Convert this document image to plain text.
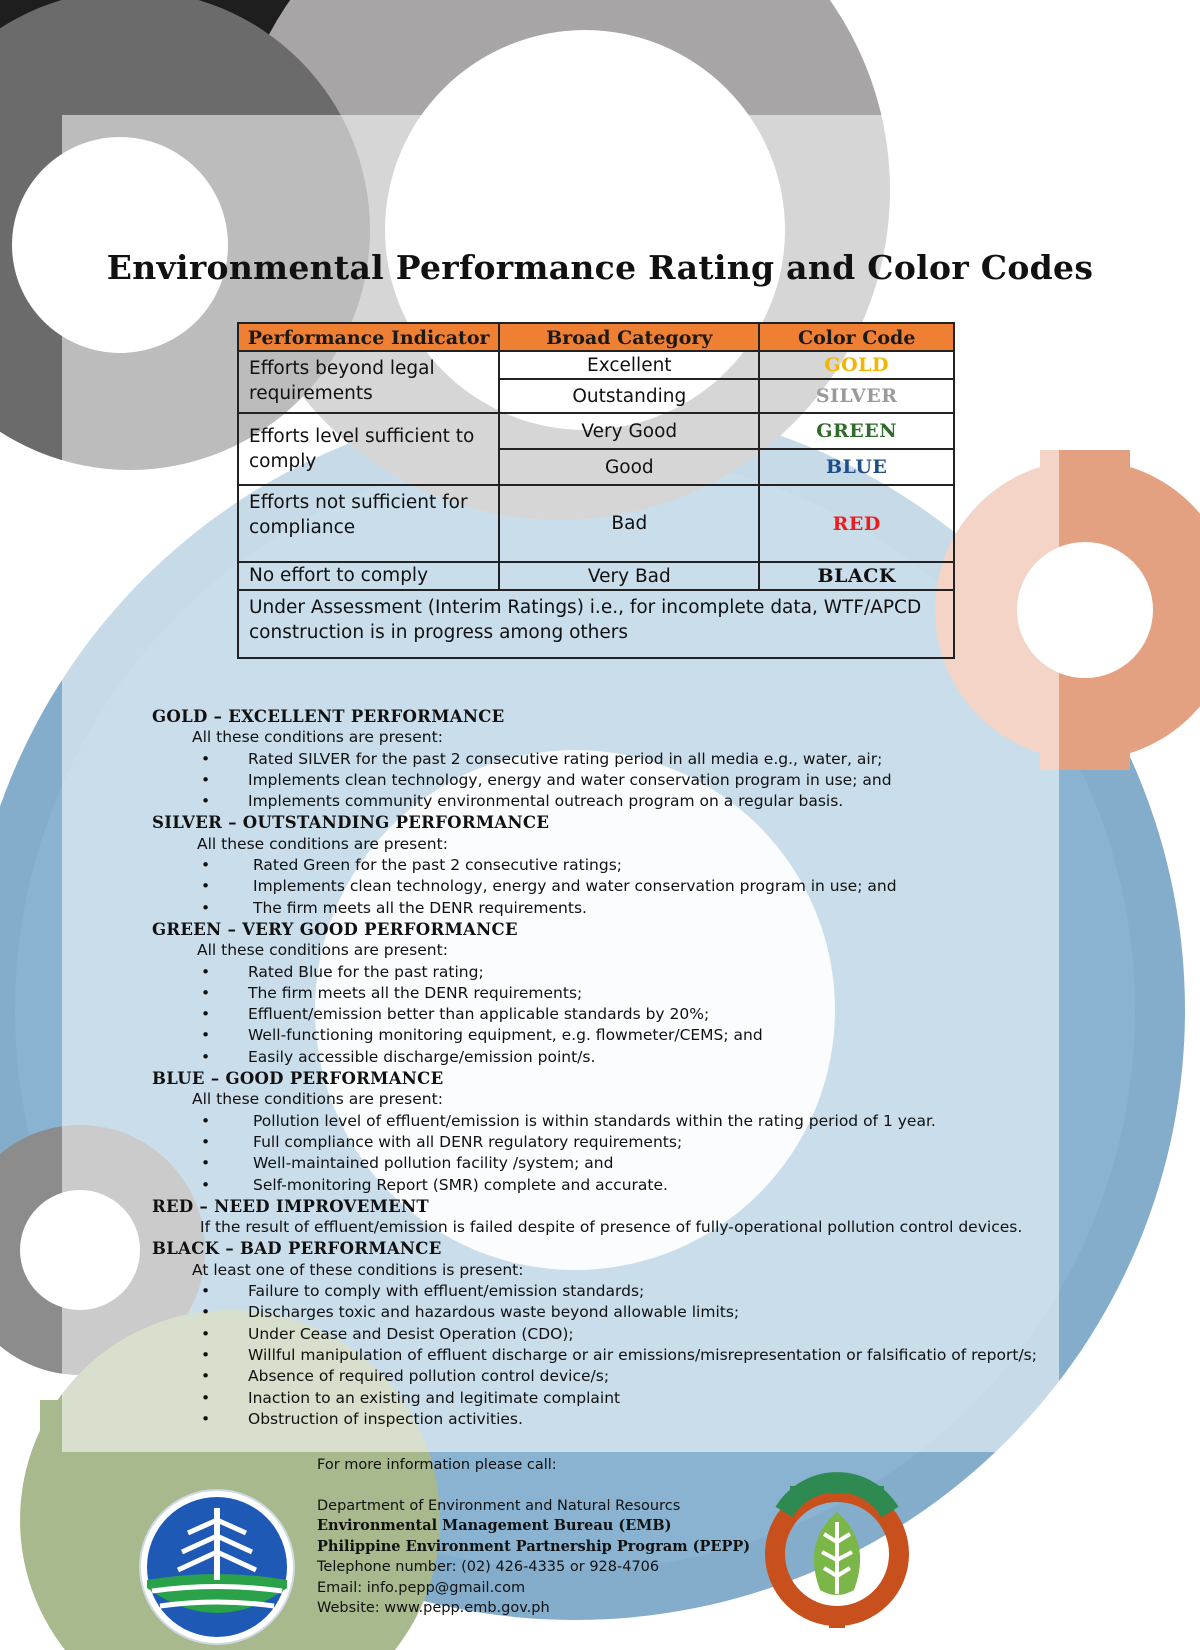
Environmental Performance Rating and Color Codes
Performance Indicator	Broad Category	Color Code
Efforts beyond legal requirements	Excellent	GOLD
	Outstanding	SILVER
Efforts level sufficient to comply	Very Good	GREEN
	Good	BLUE
Efforts not sufficient for compliance	Bad	RED
No effort to comply	Very Bad	BLACK
Under Assessment (Interim Ratings) i.e., for incomplete data, WTF/APCD construction is in progress among others		
GOLD – EXCELLENT PERFORMANCE
All these conditions are present:
• Rated SILVER for the past 2 consecutive rating period in all media e.g., water, air;
• Implements clean technology, energy and water conservation program in use; and
• Implements community environmental outreach program on a regular basis.
SILVER – OUTSTANDING PERFORMANCE
All these conditions are present:
•	Rated Green for the past 2 consecutive ratings;
•	Implements clean technology, energy and water conservation program in use; and
•	The firm meets all the DENR requirements.
GREEN – VERY GOOD PERFORMANCE
All these conditions are present:
• Rated Blue for the past rating;
• The firm meets all the DENR requirements;
• Effluent/emission better than applicable standards by 20%;
• Well-functioning monitoring equipment, e.g. flowmeter/CEMS; and
• Easily accessible discharge/emission point/s.
BLUE – GOOD PERFORMANCE
All these conditions are present:
•	Pollution level of effluent/emission is within standards within the rating period of 1 year.
•	Full compliance with all DENR regulatory requirements;
•	Well-maintained pollution facility /system; and
•	Self-monitoring Report (SMR) complete and accurate.
RED – NEED IMPROVEMENT
If the result of effluent/emission is failed despite of presence of fully-operational pollution control devices.
BLACK – BAD PERFORMANCE
At least one of these conditions is present:
• Failure to comply with effluent/emission standards;
• Discharges toxic and hazardous waste beyond allowable limits;
• Under Cease and Desist Operation (CDO);
• Willful manipulation of effluent discharge or air emissions/misrepresentation or falsificatio of report/s;
• Absence of required pollution control device/s;
• Inaction to an existing and legitimate complaint
• Obstruction of inspection activities.
For more information please call:
Department of Environment and Natural Resourcs
Environmental Management Bureau (EMB)
Philippine Environment Partnership Program (PEPP)
Telephone number: (02) 426-4335 or 928-4706
Email: info.pepp@gmail.com
Website: www.pepp.emb.gov.ph
